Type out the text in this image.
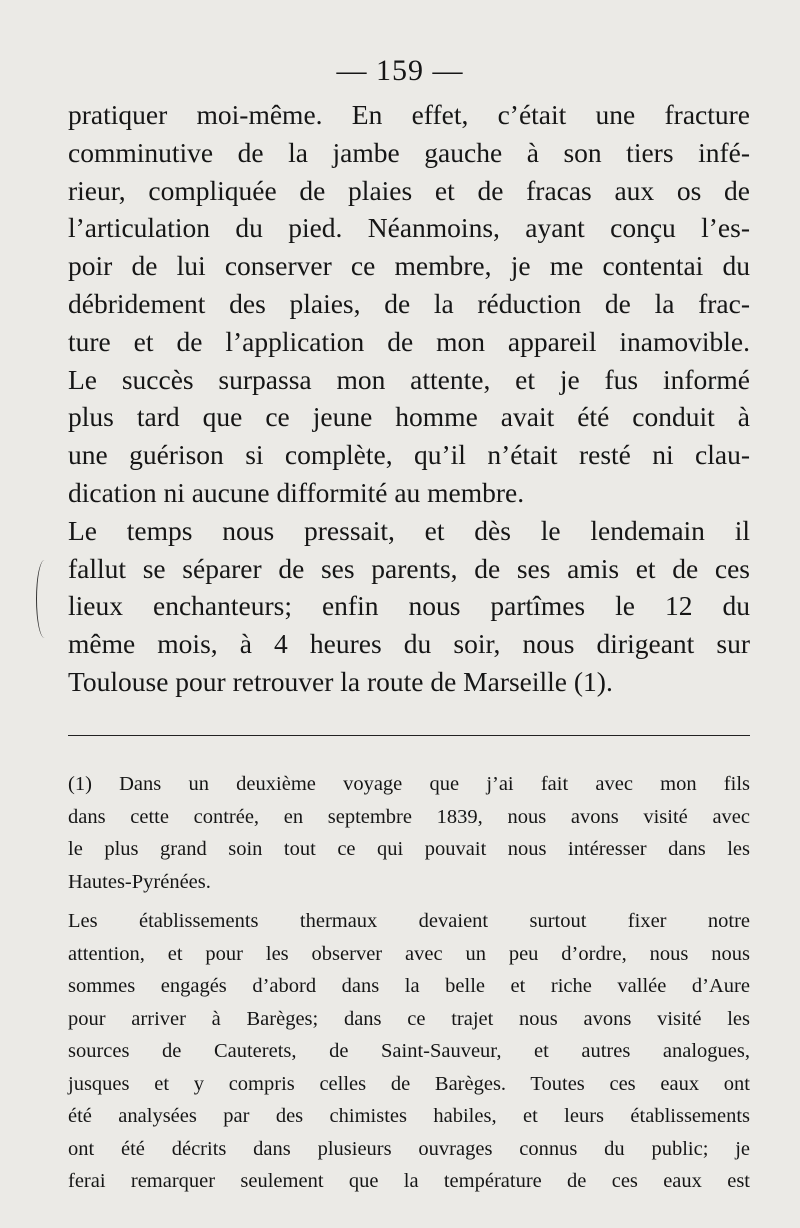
— 159 —
pratiquer moi-même. En effet, c’était une fracture
comminutive de la jambe gauche à son tiers infé-
rieur, compliquée de plaies et de fracas aux os de
l’articulation du pied. Néanmoins, ayant conçu l’es-
poir de lui conserver ce membre, je me contentai du
débridement des plaies, de la réduction de la frac-
ture et de l’application de mon appareil inamovible.
Le succès surpassa mon attente, et je fus informé
plus tard que ce jeune homme avait été conduit à
une guérison si complète, qu’il n’était resté ni clau-
dication ni aucune difformité au membre.
Le temps nous pressait, et dès le lendemain il
fallut se séparer de ses parents, de ses amis et de ces
lieux enchanteurs; enfin nous partîmes le 12 du
même mois, à 4 heures du soir, nous dirigeant sur
Toulouse pour retrouver la route de Marseille (1).
(1) Dans un deuxième voyage que j’ai fait avec mon fils
dans cette contrée, en septembre 1839, nous avons visité avec
le plus grand soin tout ce qui pouvait nous intéresser dans les
Hautes-Pyrénées.
Les établissements thermaux devaient surtout fixer notre
attention, et pour les observer avec un peu d’ordre, nous nous
sommes engagés d’abord dans la belle et riche vallée d’Aure
pour arriver à Barèges; dans ce trajet nous avons visité les
sources de Cauterets, de Saint-Sauveur, et autres analogues,
jusques et y compris celles de Barèges. Toutes ces eaux ont
été analysées par des chimistes habiles, et leurs établissements
ont été décrits dans plusieurs ouvrages connus du public; je
ferai remarquer seulement que la température de ces eaux est
